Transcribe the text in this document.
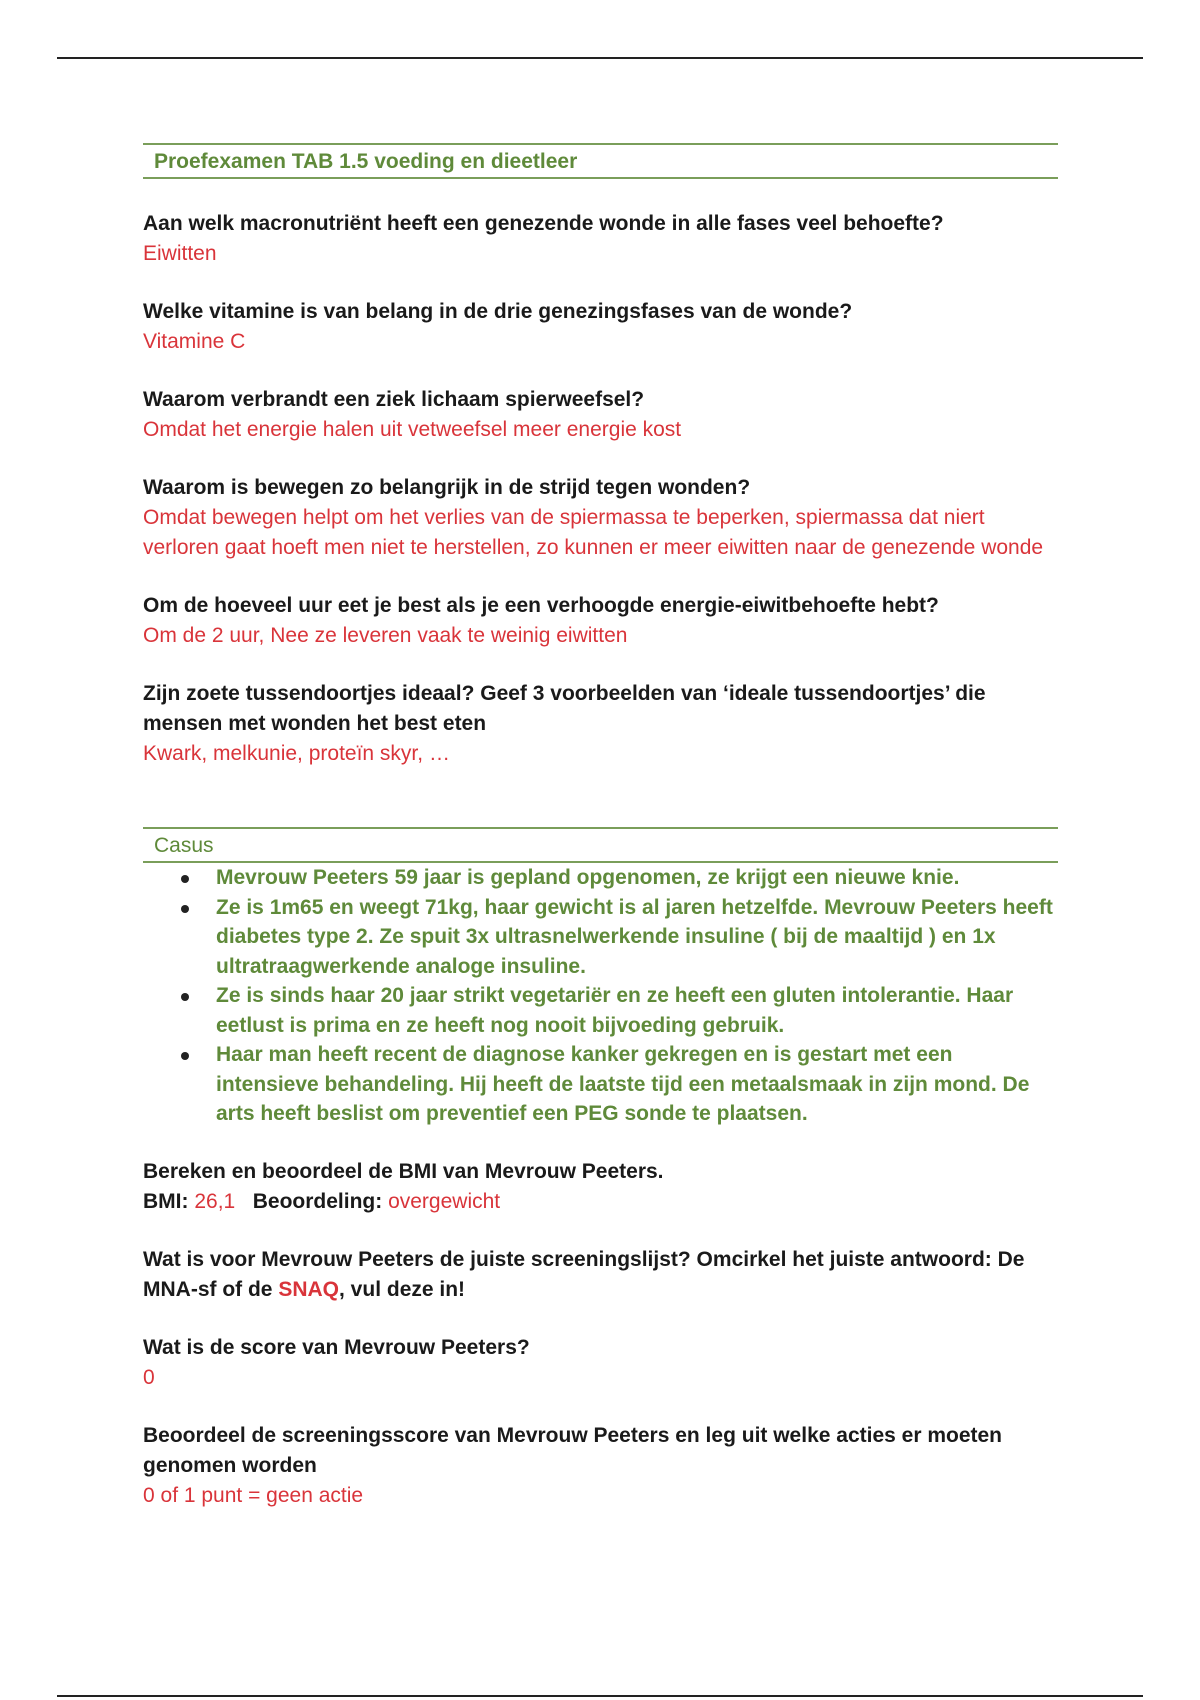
Proefexamen TAB 1.5 voeding en dieetleer
Aan welk macronutriënt heeft een genezende wonde in alle fases veel behoefte?
Eiwitten
Welke vitamine is van belang in de drie genezingsfases van de wonde?
Vitamine C
Waarom verbrandt een ziek lichaam spierweefsel?
Omdat het energie halen uit vetweefsel meer energie kost
Waarom is bewegen zo belangrijk in de strijd tegen wonden?
Omdat bewegen helpt om het verlies van de spiermassa te beperken, spiermassa dat niert verloren gaat hoeft men niet te herstellen, zo kunnen er meer eiwitten naar de genezende wonde
Om de hoeveel uur eet je best als je een verhoogde energie-eiwitbehoefte hebt?
Om de 2 uur, Nee ze leveren vaak te weinig eiwitten
Zijn zoete tussendoortjes ideaal? Geef 3 voorbeelden van ‘ideale tussendoortjes’ die mensen met wonden het best eten
Kwark, melkunie, proteïn skyr, …
Casus
Mevrouw Peeters 59 jaar is gepland opgenomen, ze krijgt een nieuwe knie.
Ze is 1m65 en weegt 71kg, haar gewicht is al jaren hetzelfde. Mevrouw Peeters heeft diabetes type 2. Ze spuit 3x ultrasnelwerkende insuline ( bij de maaltijd ) en 1x ultratraagwerkende analoge insuline.
Ze is sinds haar 20 jaar strikt vegetariër en ze heeft een gluten intolerantie. Haar eetlust is prima en ze heeft nog nooit bijvoeding gebruik.
Haar man heeft recent de diagnose kanker gekregen en is gestart met een intensieve behandeling. Hij heeft de laatste tijd een metaalsmaak in zijn mond. De arts heeft beslist om preventief een PEG sonde te plaatsen.
Bereken en beoordeel de BMI van Mevrouw Peeters.
BMI: 26,1 Beoordeling: overgewicht
Wat is voor Mevrouw Peeters de juiste screeningslijst? Omcirkel het juiste antwoord: De MNA-sf of de SNAQ, vul deze in!
Wat is de score van Mevrouw Peeters?
0
Beoordeel de screeningsscore van Mevrouw Peeters en leg uit welke acties er moeten genomen worden
0 of 1 punt = geen actie
